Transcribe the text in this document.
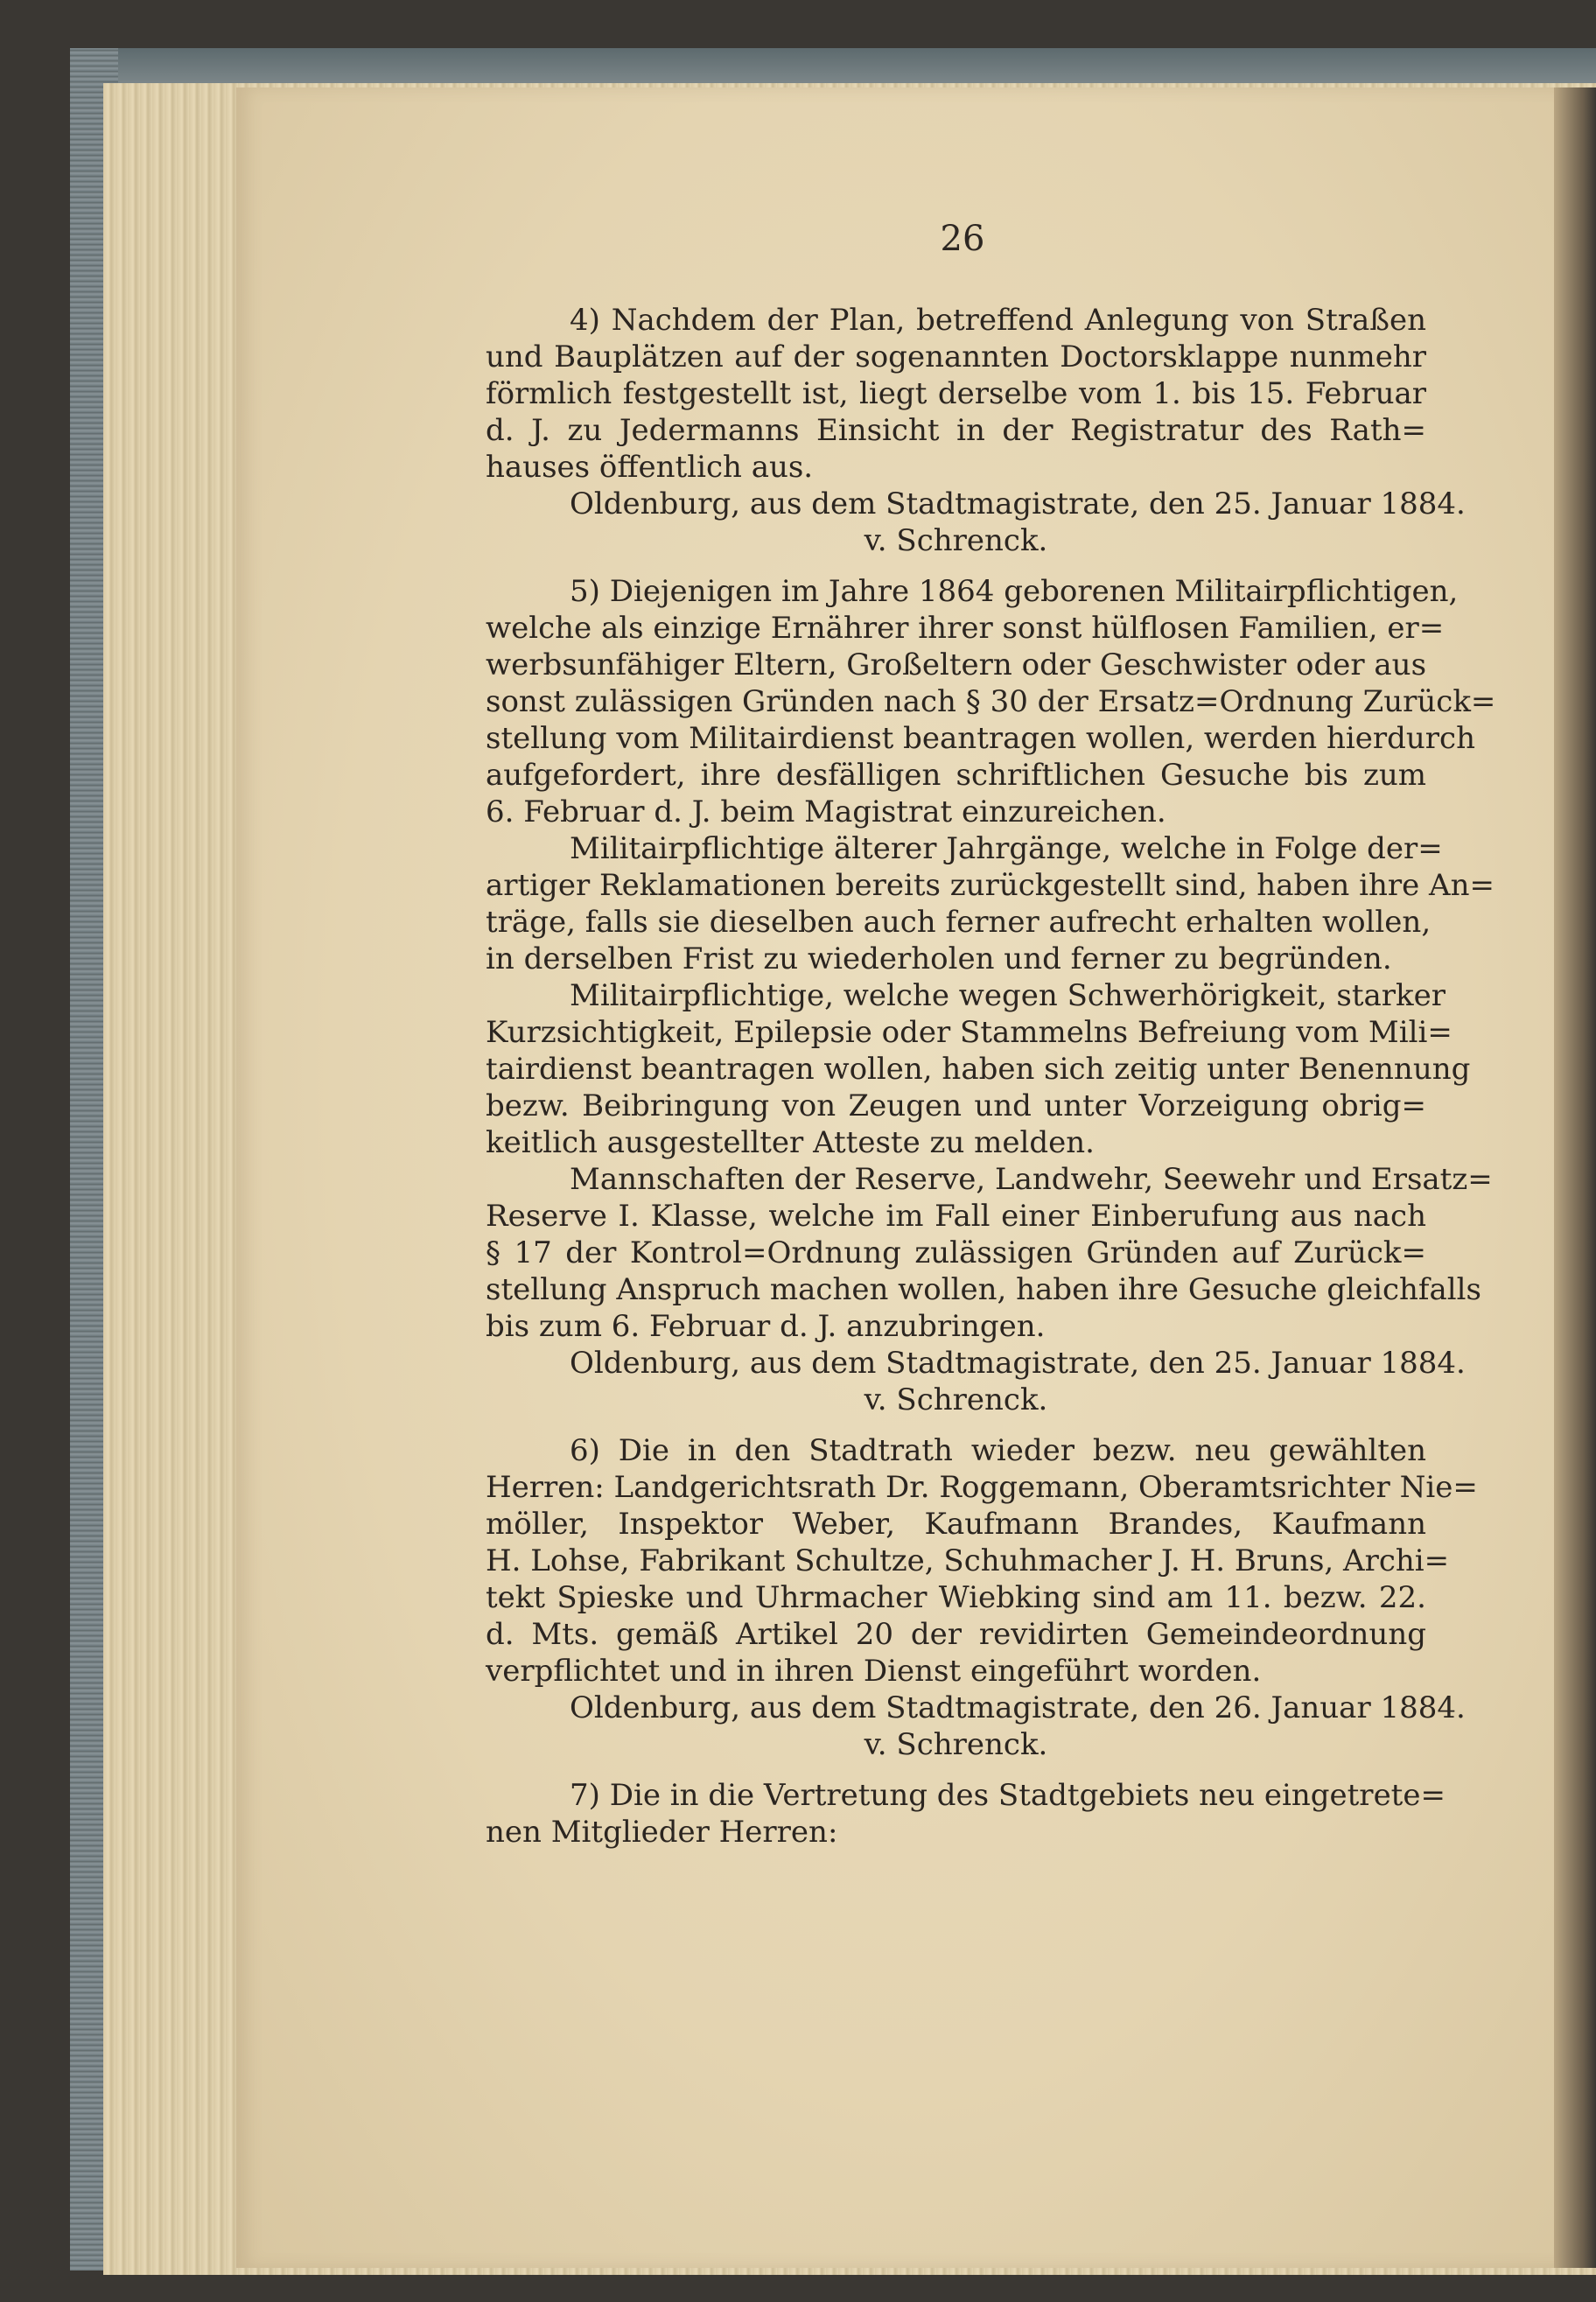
26
4) Nachdem der Plan, betreffend Anlegung von Straßen
und Bauplätzen auf der sogenannten Doctorsklappe nunmehr
förmlich festgestellt ist, liegt derselbe vom 1. bis 15. Februar
d. J. zu Jedermanns Einsicht in der Registratur des Rath=
hauses öffentlich aus.
Oldenburg, aus dem Stadtmagistrate, den 25. Januar 1884.
v. Schrenck.
5) Diejenigen im Jahre 1864 geborenen Militairpflichtigen,
welche als einzige Ernährer ihrer sonst hülflosen Familien, er=
werbsunfähiger Eltern, Großeltern oder Geschwister oder aus
sonst zulässigen Gründen nach § 30 der Ersatz=Ordnung Zurück=
stellung vom Militairdienst beantragen wollen, werden hierdurch
aufgefordert, ihre desfälligen schriftlichen Gesuche bis zum
6. Februar d. J. beim Magistrat einzureichen.
Militairpflichtige älterer Jahrgänge, welche in Folge der=
artiger Reklamationen bereits zurückgestellt sind, haben ihre An=
träge, falls sie dieselben auch ferner aufrecht erhalten wollen,
in derselben Frist zu wiederholen und ferner zu begründen.
Militairpflichtige, welche wegen Schwerhörigkeit, starker
Kurzsichtigkeit, Epilepsie oder Stammelns Befreiung vom Mili=
tairdienst beantragen wollen, haben sich zeitig unter Benennung
bezw. Beibringung von Zeugen und unter Vorzeigung obrig=
keitlich ausgestellter Atteste zu melden.
Mannschaften der Reserve, Landwehr, Seewehr und Ersatz=
Reserve I. Klasse, welche im Fall einer Einberufung aus nach
§ 17 der Kontrol=Ordnung zulässigen Gründen auf Zurück=
stellung Anspruch machen wollen, haben ihre Gesuche gleichfalls
bis zum 6. Februar d. J. anzubringen.
Oldenburg, aus dem Stadtmagistrate, den 25. Januar 1884.
v. Schrenck.
6) Die in den Stadtrath wieder bezw. neu gewählten
Herren: Landgerichtsrath Dr. Roggemann, Oberamtsrichter Nie=
möller, Inspektor Weber, Kaufmann Brandes, Kaufmann
H. Lohse, Fabrikant Schultze, Schuhmacher J. H. Bruns, Archi=
tekt Spieske und Uhrmacher Wiebking sind am 11. bezw. 22.
d. Mts. gemäß Artikel 20 der revidirten Gemeindeordnung
verpflichtet und in ihren Dienst eingeführt worden.
Oldenburg, aus dem Stadtmagistrate, den 26. Januar 1884.
v. Schrenck.
7) Die in die Vertretung des Stadtgebiets neu eingetrete=
nen Mitglieder Herren:
